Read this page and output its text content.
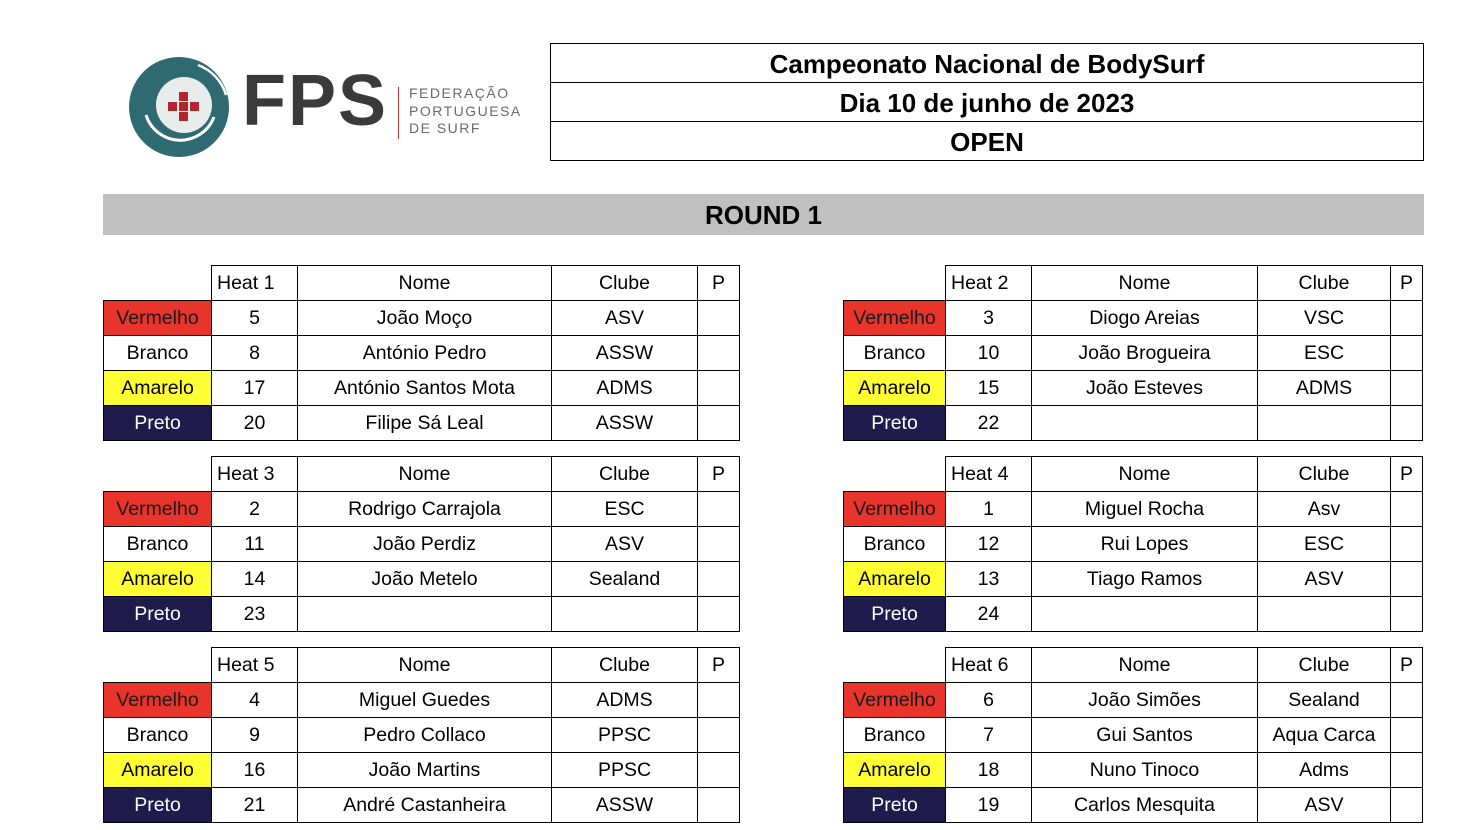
FPS FEDERAÇÃO
PORTUGUESA
DE SURF
Campeonato Nacional de BodySurf
Dia 10 de junho de 2023
OPEN
ROUND 1
	Heat 1	Nome	Clube	P
Vermelho	5	João Moço	ASV	
Branco	8	António Pedro	ASSW	
Amarelo	17	António Santos Mota	ADMS	
Preto	20	Filipe Sá Leal	ASSW	
	Heat 2	Nome	Clube	P
Vermelho	3	Diogo Areias	VSC	
Branco	10	João Brogueira	ESC	
Amarelo	15	João Esteves	ADMS	
Preto	22			
	Heat 3	Nome	Clube	P
Vermelho	2	Rodrigo Carrajola	ESC	
Branco	11	João Perdiz	ASV	
Amarelo	14	João Metelo	Sealand	
Preto	23			
	Heat 4	Nome	Clube	P
Vermelho	1	Miguel Rocha	Asv	
Branco	12	Rui Lopes	ESC	
Amarelo	13	Tiago Ramos	ASV	
Preto	24			
	Heat 5	Nome	Clube	P
Vermelho	4	Miguel Guedes	ADMS	
Branco	9	Pedro Collaco	PPSC	
Amarelo	16	João Martins	PPSC	
Preto	21	André Castanheira	ASSW	
	Heat 6	Nome	Clube	P
Vermelho	6	João Simões	Sealand	
Branco	7	Gui Santos	Aqua Carca	
Amarelo	18	Nuno Tinoco	Adms	
Preto	19	Carlos Mesquita	ASV	
